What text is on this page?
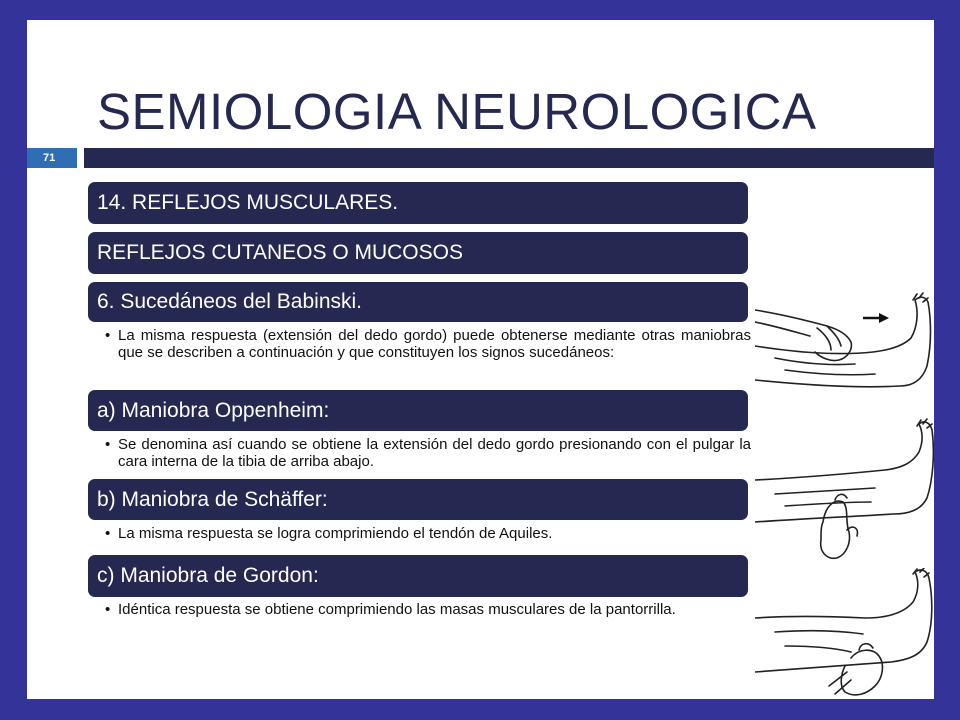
SEMIOLOGIA NEUROLOGICA
71
14. REFLEJOS MUSCULARES.
REFLEJOS CUTANEOS O MUCOSOS
6. Sucedáneos del Babinski.
• La misma respuesta (extensión del dedo gordo) puede obtenerse mediante otras maniobras que se describen a continuación y que constituyen los signos sucedáneos:
a) Maniobra Oppenheim:
• Se denomina así cuando se obtiene la extensión del dedo gordo presionando con el pulgar la cara interna de la tibia de arriba abajo.
b) Maniobra de Schäffer:
• La misma respuesta se logra comprimiendo el tendón de Aquiles.
c) Maniobra de Gordon:
• Idéntica respuesta se obtiene comprimiendo las masas musculares de la pantorrilla.
